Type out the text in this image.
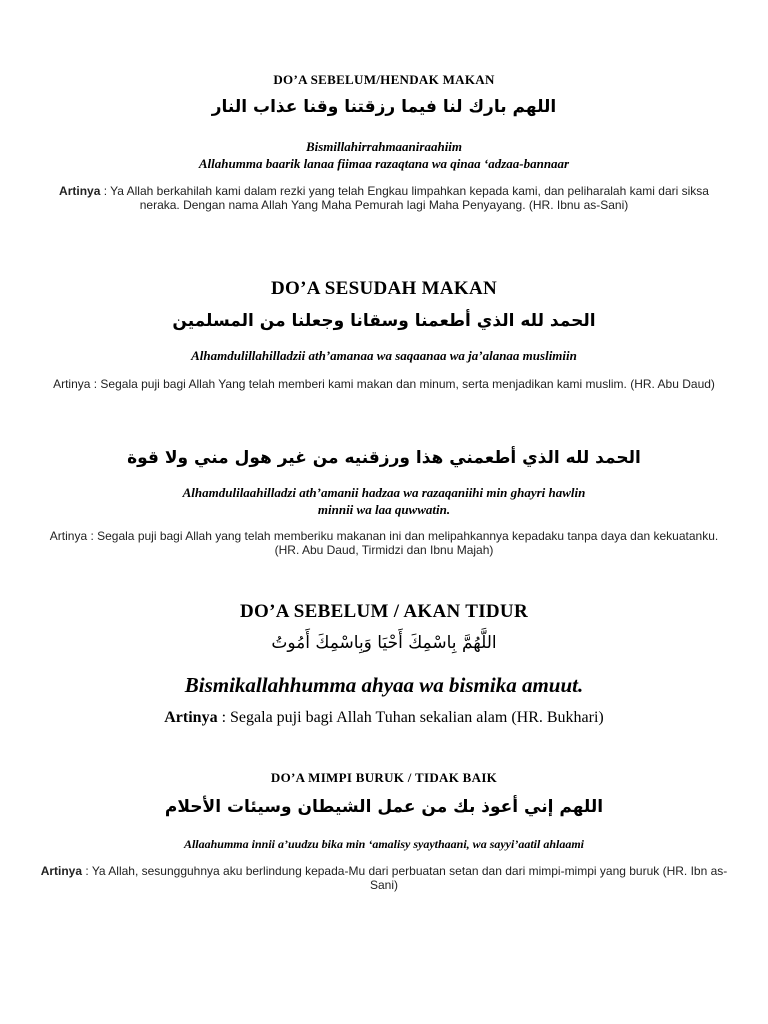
DO’A SEBELUM/HENDAK MAKAN
اللهم بارك لنا فيما رزقتنا وقنا عذاب النار
Bismillahirrahmaaniraahiim
Allahumma baarik lanaa fiimaa razaqtana wa qinaa ‘adzaa-bannaar
Artinya : Ya Allah berkahilah kami dalam rezki yang telah Engkau limpahkan kepada kami, dan peliharalah kami dari siksa neraka. Dengan nama Allah Yang Maha Pemurah lagi Maha Penyayang. (HR. Ibnu as-Sani)
DO’A SESUDAH MAKAN
الحمد لله الذي أطعمنا وسقانا وجعلنا من المسلمين
Alhamdulillahilladzii ath’amanaa wa saqaanaa wa ja’alanaa muslimiin
Artinya : Segala puji bagi Allah Yang telah memberi kami makan dan minum, serta menjadikan kami muslim. (HR. Abu Daud)
الحمد لله الذي أطعمني هذا ورزقنيه من غير هول مني ولا قوة
Alhamdulilaahilladzi ath’amanii hadzaa wa razaqaniihi min ghayri hawlin
minnii wa laa quwwatin.
Artinya : Segala puji bagi Allah yang telah memberiku makanan ini dan melipahkannya kepadaku tanpa daya dan kekuatanku. (HR. Abu Daud, Tirmidzi dan Ibnu Majah)
DO’A SEBELUM / AKAN TIDUR
اللَّهُمَّ بِاسْمِكَ أَحْيَا وَبِاسْمِكَ أَمُوتُ
Bismikallahhumma ahyaa wa bismika amuut.
Artinya : Segala puji bagi Allah Tuhan sekalian alam (HR. Bukhari)
DO’A MIMPI BURUK / TIDAK BAIK
اللهم إني أعوذ بك من عمل الشيطان وسيئات الأحلام
Allaahumma innii a’uudzu bika min ‘amalisy syaythaani, wa sayyi’aatil ahlaami
Artinya : Ya Allah, sesungguhnya aku berlindung kepada-Mu dari perbuatan setan dan dari mimpi-mimpi yang buruk (HR. Ibn as-Sani)
